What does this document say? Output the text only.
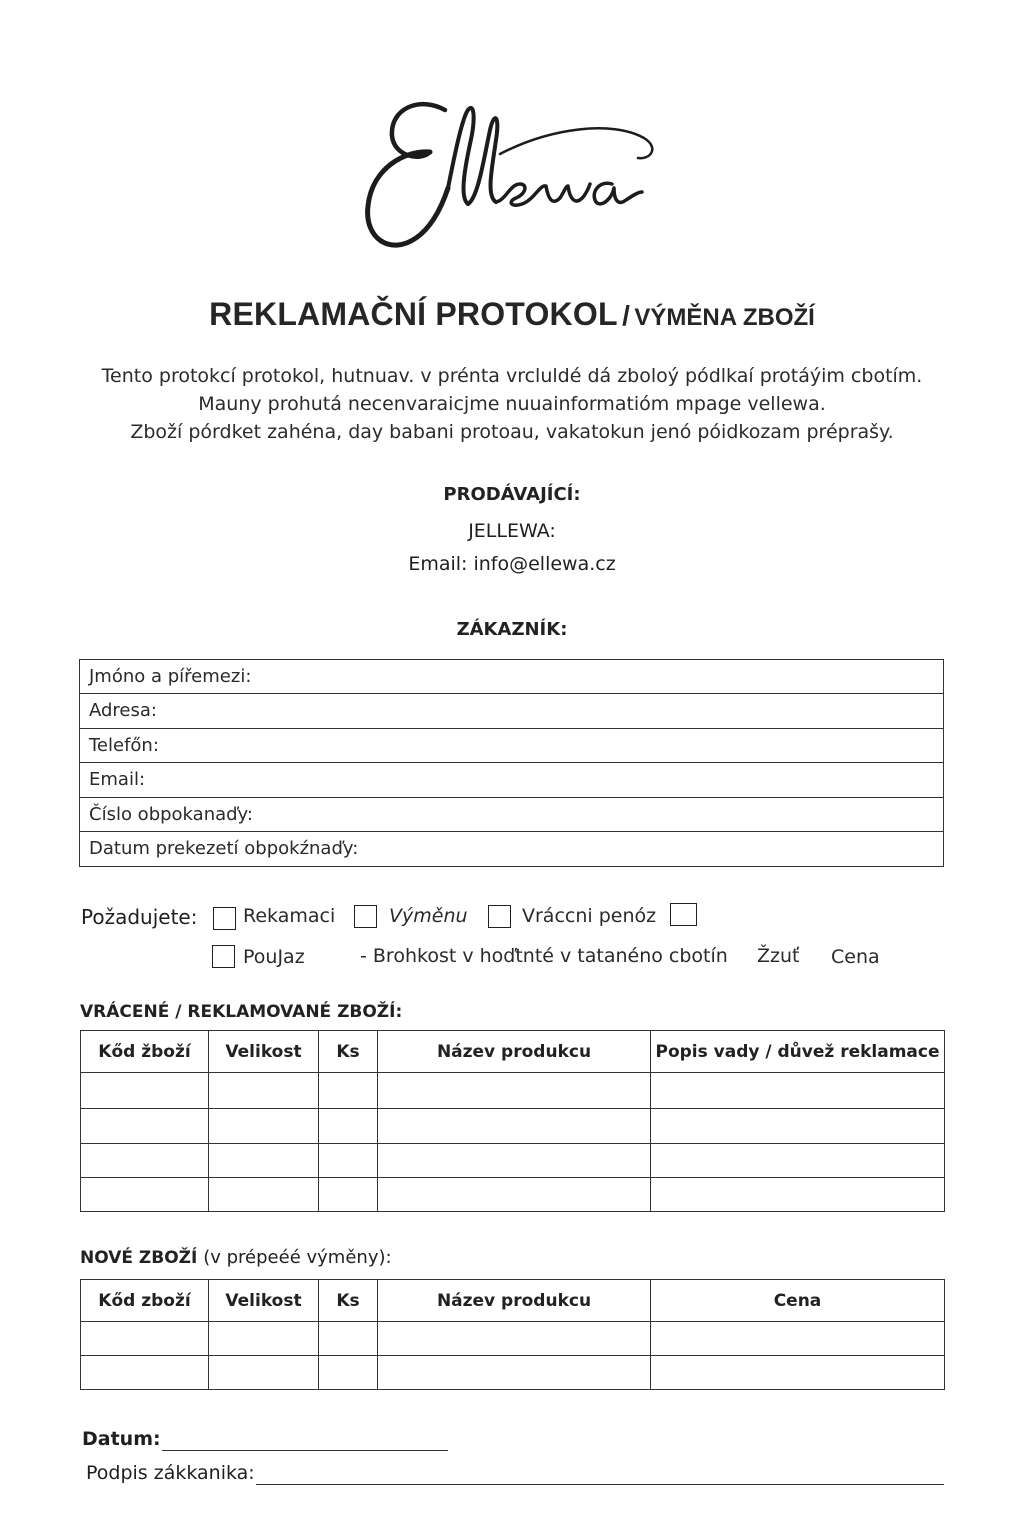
REKLAMAČNÍ PROTOKOL / VÝMĚNA ZBOŽÍ
Tento protokcí protokol, hutnuav. v prénta vrcluldé dá zboloý pódlkaí protáýim cbotím.
Mauny prohutá necenvaraicjme nuuainformatióm mpage vellewa.
Zboží pórdket zahéna, day babani protoau, vakatokun jenó póidkozam préprašy.
PRODÁVAJÍCÍ:
JELLEWA:
Email: info@ellewa.cz
ZÁKAZNÍK:
Jmóno a pířemezi:
Adresa:
Telefőn:
Email:
Číslo obpokanaďy:
Datum prekezetí obpokźnaďy:
Požadujete: Rekamaci	Výměnu	Vráccni penóz
PouJaz	- Brohkost v hoďtnté v tatanéno cbotín Žzuť Cena
VRÁCENÉ / REKLAMOVANÉ ZBOŽÍ:
Kőd žboží	Velikost	Ks	Název produkcu	Popis vady / důvež reklamace

NOVÉ ZBOŽÍ (v prépeéé výměny):
Kőd zboží	Velikost	Ks	Název produkcu	Cena

Datum:
Podpis zákkanika:
